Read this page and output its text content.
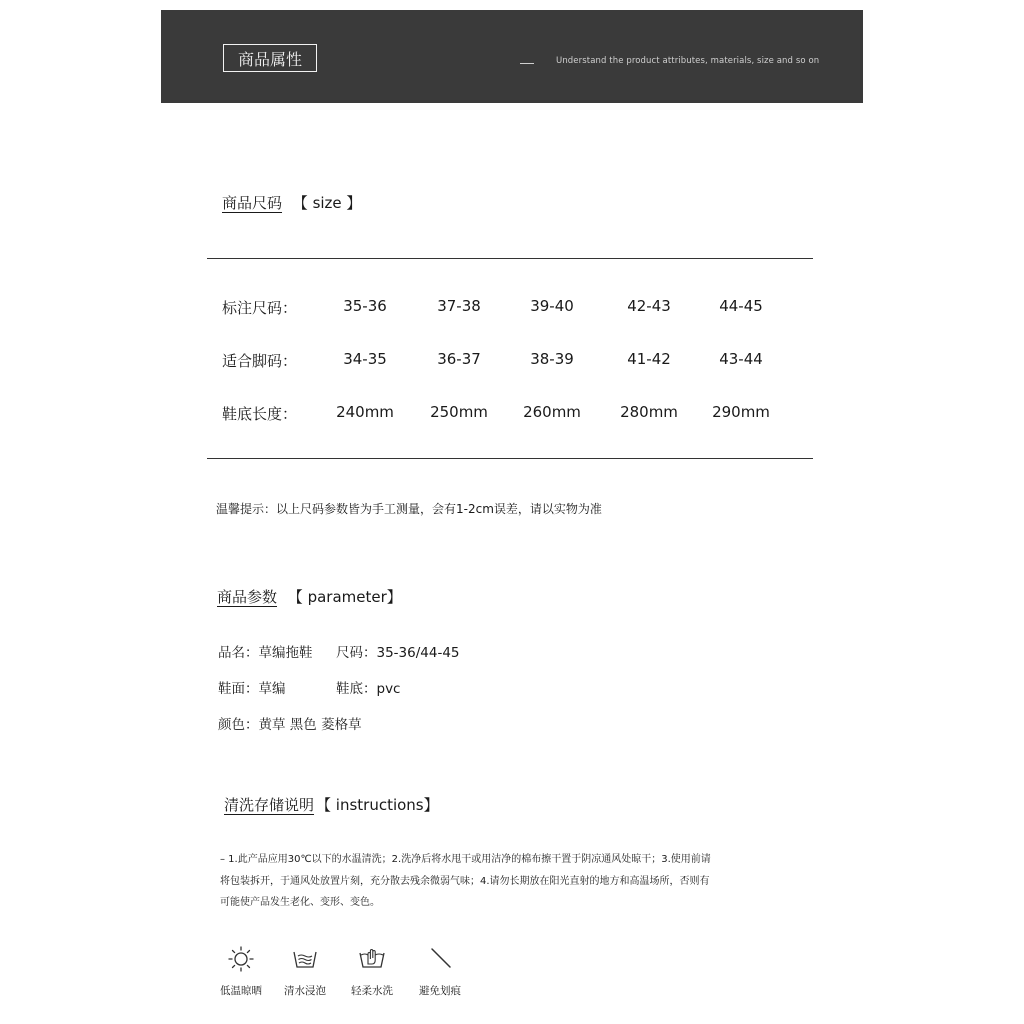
商品属性	Understand the product attributes, materials, size and so on
商品尺码 【 size 】
标注尺码：	35-36	37-38	39-40	42-43	44-45
适合脚码：	34-35	36-37	38-39	41-42	43-44
鞋底长度：	240mm	250mm	260mm	280mm	290mm
温馨提示：以上尺码参数皆为手工测量，会有1-2cm误差，请以实物为准
商品参数 【 parameter】
品名：草编拖鞋 尺码：35-36/44-45
鞋面：草编	鞋底：pvc
颜色：黄草 黑色 菱格草
清洗存储说明 【 instructions】
– 1.此产品应用30℃以下的水温清洗；2.洗净后将水甩干或用洁净的棉布擦干置于阴凉通风处晾干；3.使用前请
将包装拆开，于通风处放置片刻，充分散去残余微弱气味；4.请勿长期放在阳光直射的地方和高温场所，否则有
可能使产品发生老化、变形、变色。
低温晾晒	清水浸泡	轻柔水洗	避免划痕
